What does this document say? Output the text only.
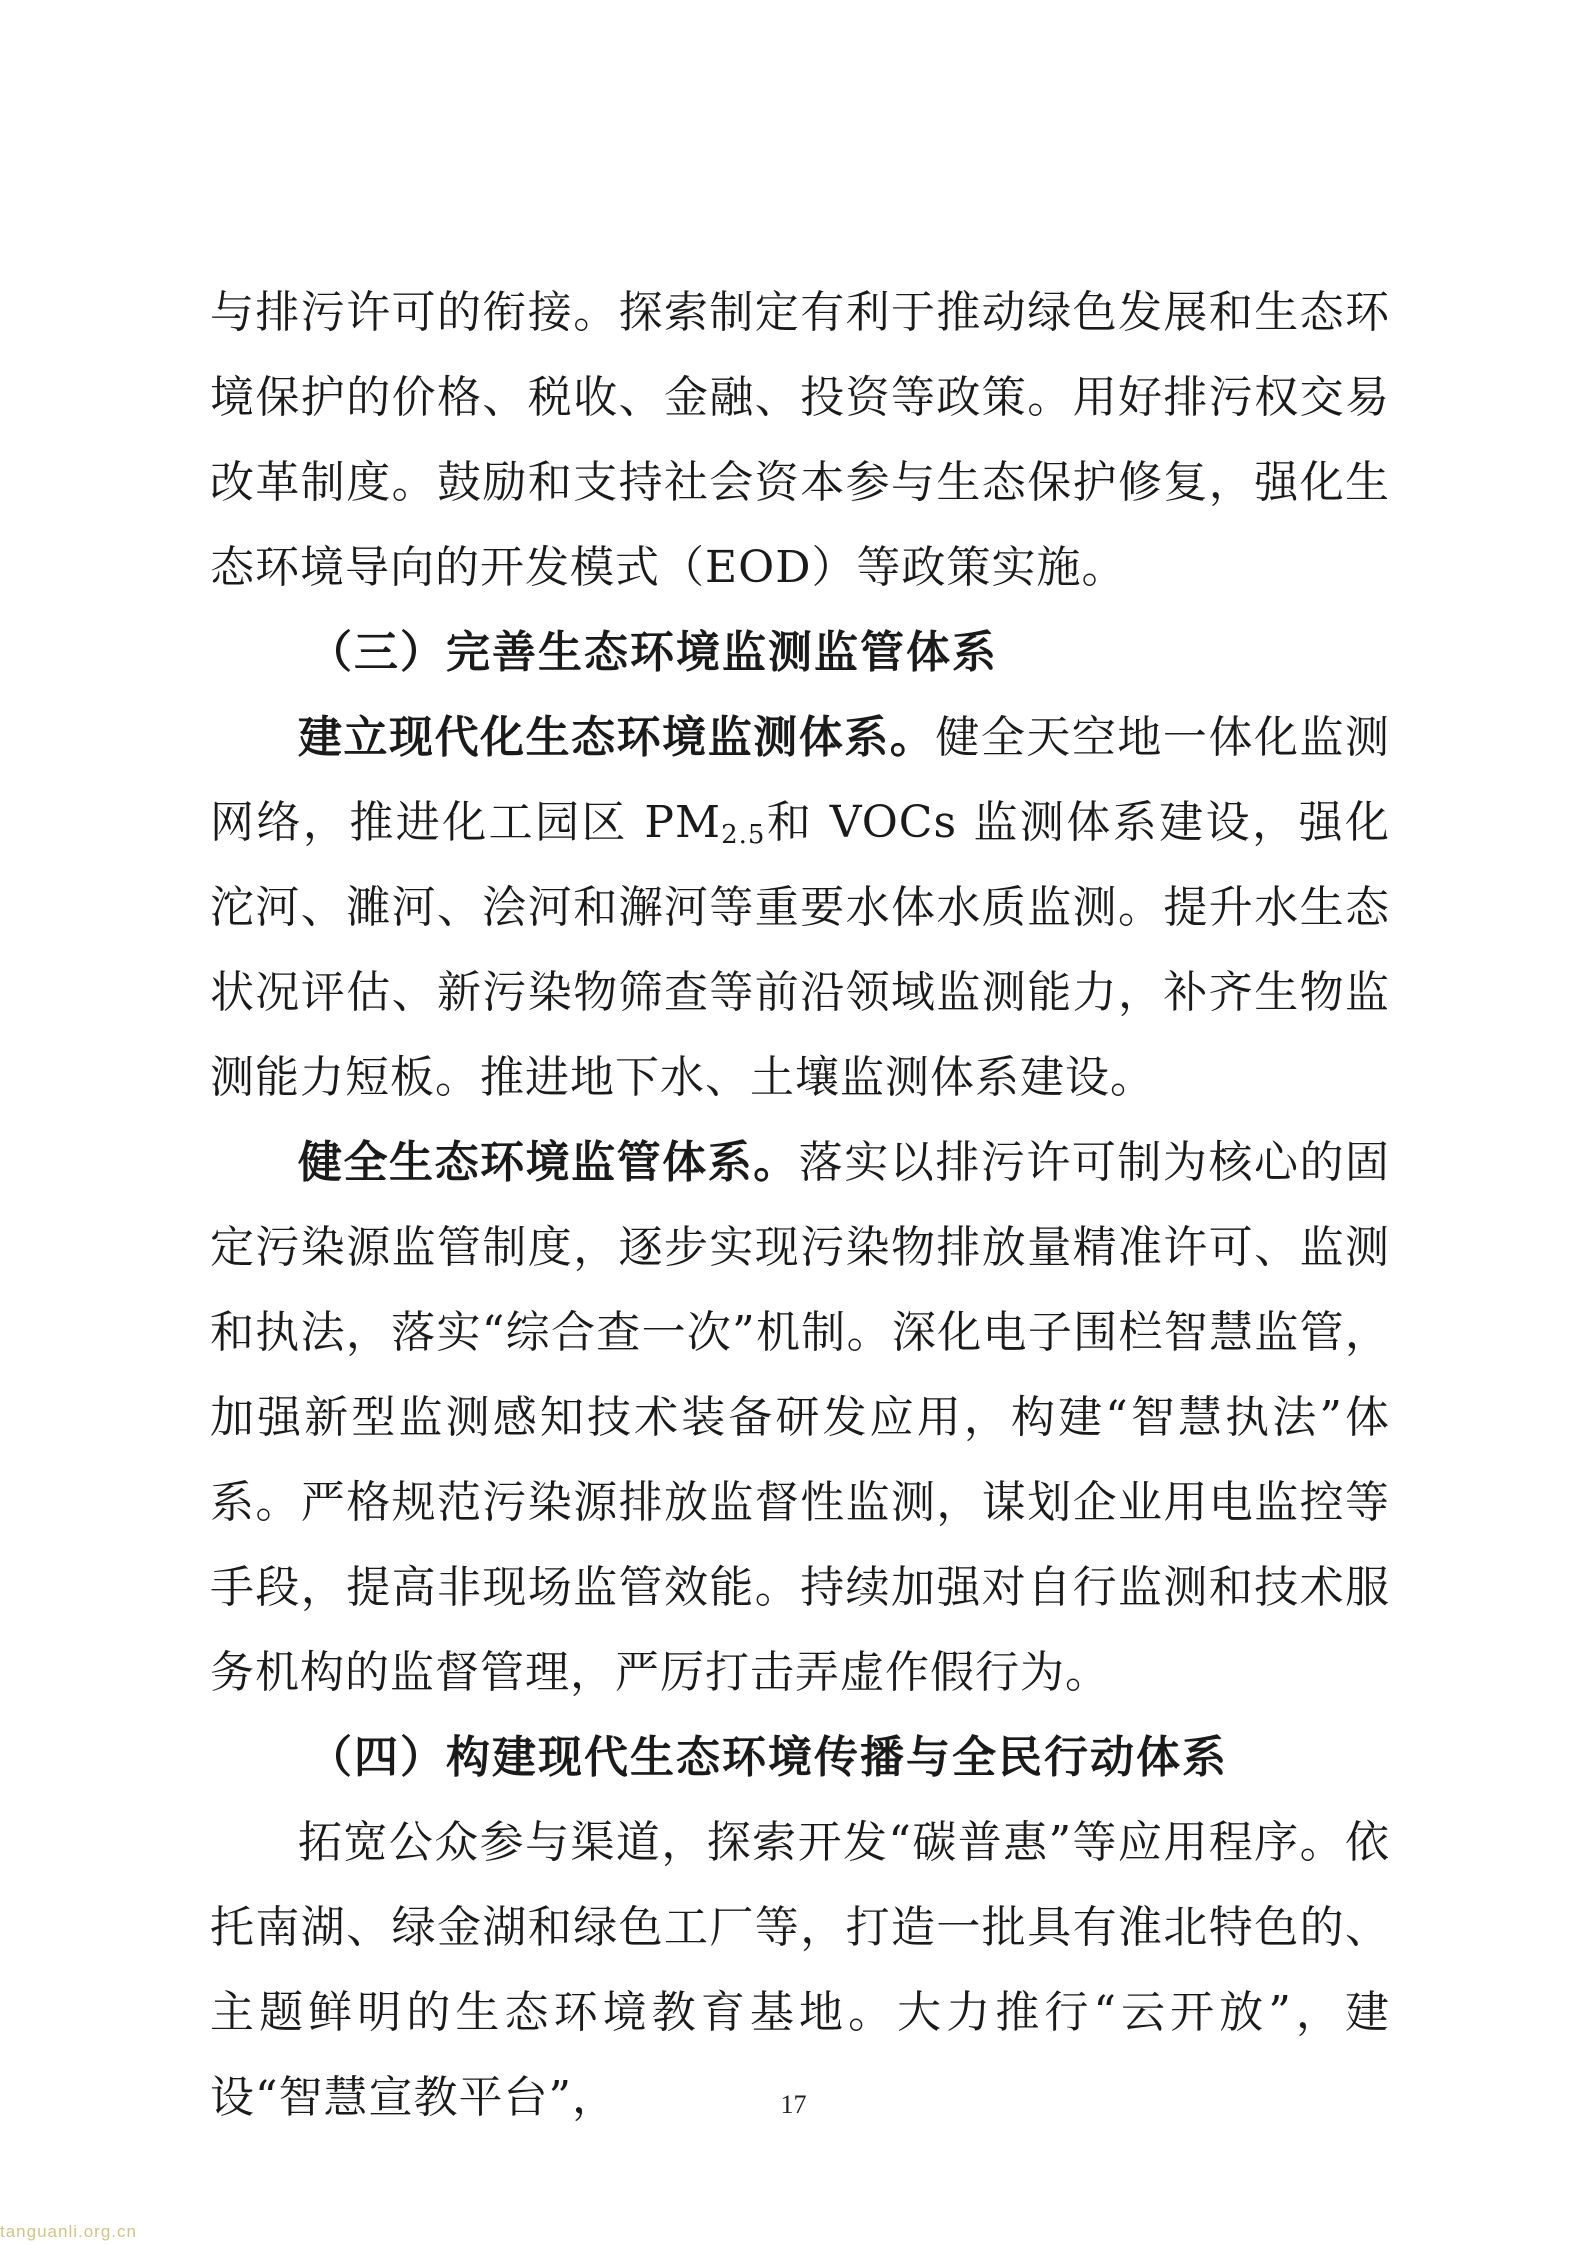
与排污许可的衔接。探索制定有利于推动绿色发展和生态环境保护的价格、税收、金融、投资等政策。用好排污权交易改革制度。鼓励和支持社会资本参与生态保护修复，强化生态环境导向的开发模式（EOD）等政策实施。

（三）完善生态环境监测监管体系

建立现代化生态环境监测体系。健全天空地一体化监测网络，推进化工园区 $PM_{2.5}$和 VOCs 监测体系建设，强化沱河、濉河、浍河和澥河等重要水体水质监测。提升水生态状况评估、新污染物筛查等前沿领域监测能力，补齐生物监测能力短板。推进地下水、土壤监测体系建设。

健全生态环境监管体系。落实以排污许可制为核心的固定污染源监管制度，逐步实现污染物排放量精准许可、监测和执法，落实“综合查一次”机制。深化电子围栏智慧监管，加强新型监测感知技术装备研发应用，构建“智慧执法”体系。严格规范污染源排放监督性监测，谋划企业用电监控等手段，提高非现场监管效能。持续加强对自行监测和技术服务机构的监督管理，严厉打击弄虚作假行为。

（四）构建现代生态环境传播与全民行动体系

拓宽公众参与渠道，探索开发“碳普惠”等应用程序。依托南湖、绿金湖和绿色工厂等，打造一批具有淮北特色的、主题鲜明的生态环境教育基地。大力推行“云开放”，建设“智慧宣教平台”，	17
tanguanli.org.cn
